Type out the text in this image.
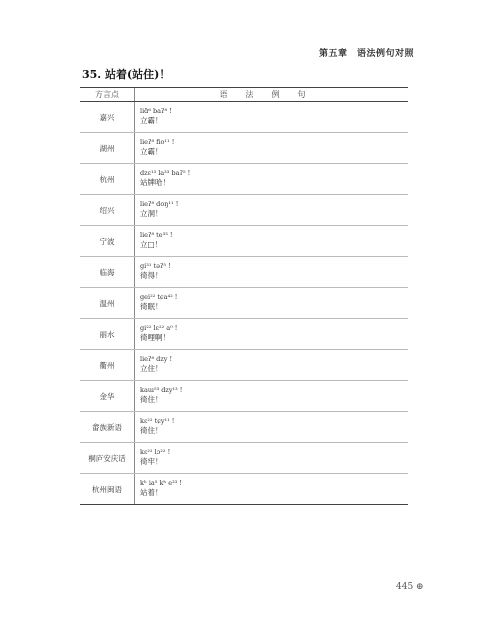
第五章　语法例句对照
35. 站着(站住)！
方言点	语法例句
嘉兴
liɑ̃⁶ baʔ⁸ !
立霸！
湖州
lieʔ⁸ fio¹¹ !
立霸！
杭州
dzɛ¹³ la³³ baʔ⁵ !
站牌哈！
绍兴
lieʔ⁸ doŋ¹¹ !
立洞！
宁波
lieʔ⁸ te³³ !
立□！
临海
gi³¹ təʔ⁵ !
徛得！
温州
gei²² tɕa⁴² !
徛眠！
丽水
gi²² lɛ²² a⁰ !
徛哩啊！
衢州
lieʔ⁸ dzy !
立住！
金华
kaɯ⁵³ dzy¹³ !
徛住！
畲族新语
kɛ²² tɕy¹¹ !
徛住！
桐庐安庆话
kɛ²² lɔ²² !
徛牢！
杭州闽语
kʰ ia⁵ kʰ e³³ !
站着！
445 ⊕
